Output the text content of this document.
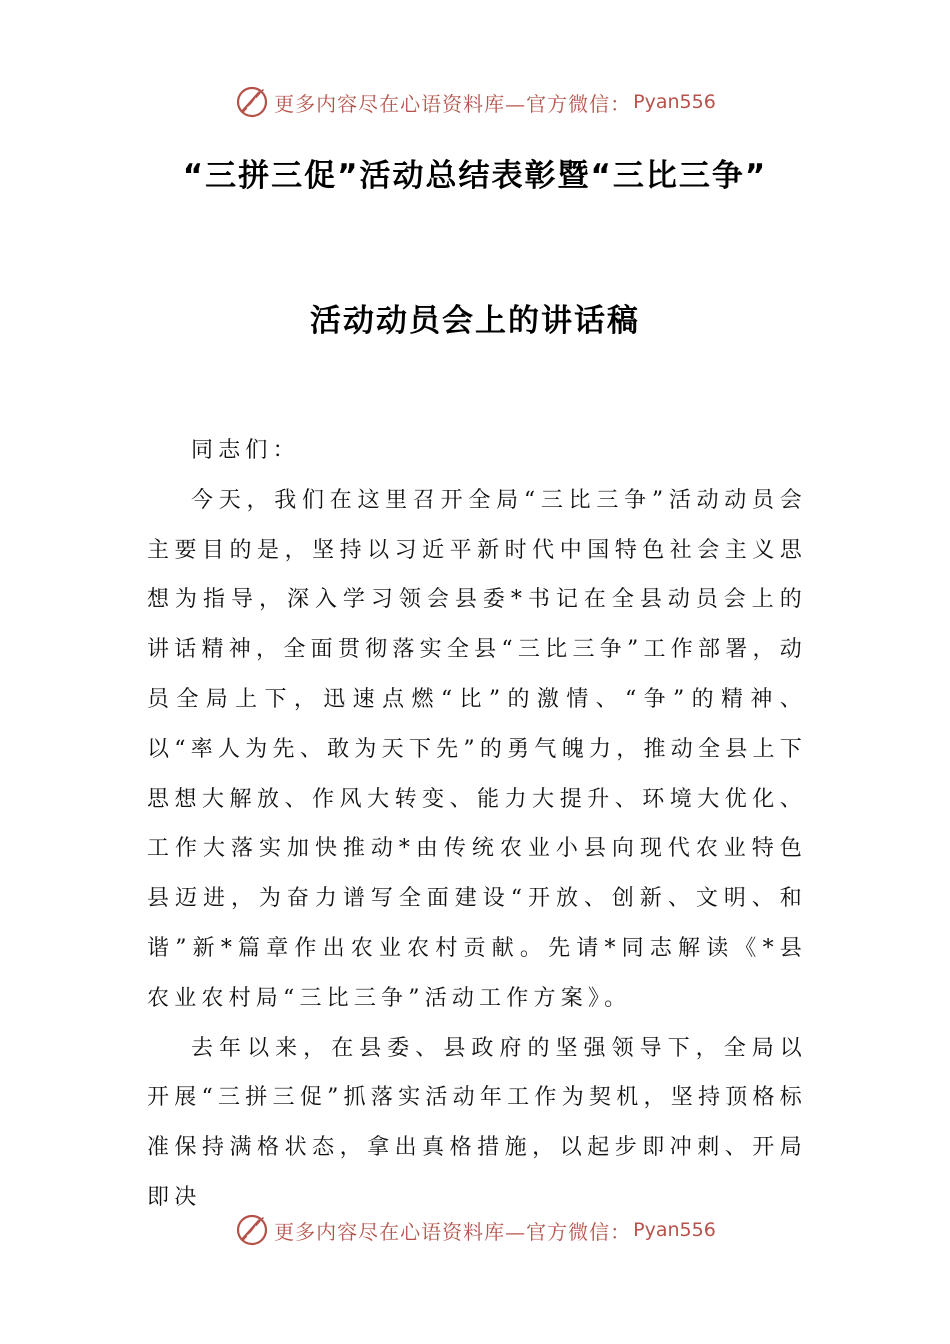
更多内容尽在心语资料库—官方微信： Pyan556
“三拼三促”活动总结表彰暨“三比三争”
活动动员会上的讲话稿

同志们：

今天，我们在这里召开全局“三比三争”活动动员会主要目的是，坚持以习近平新时代中国特色社会主义思想为指导，深入学习领会县委*书记在全县动员会上的讲话精神，全面贯彻落实全县“三比三争”工作部署，动员全局上下，迅速点燃“比”的激情、“争”的精神、以“率人为先、敢为天下先”的勇气魄力，推动全县上下思想大解放、作风大转变、能力大提升、环境大优化、工作大落实加快推动*由传统农业小县向现代农业特色县迈进，为奋力谱写全面建设“开放、创新、文明、和谐”新*篇章作出农业农村贡献。先请*同志解读《*县农业农村局“三比三争”活动工作方案》。

去年以来，在县委、县政府的坚强领导下，全局以开展“三拼三促”抓落实活动年工作为契机，坚持顶格标准保持满格状态，拿出真格措施，以起步即冲刺、开局即决

更多内容尽在心语资料库—官方微信： Pyan556
